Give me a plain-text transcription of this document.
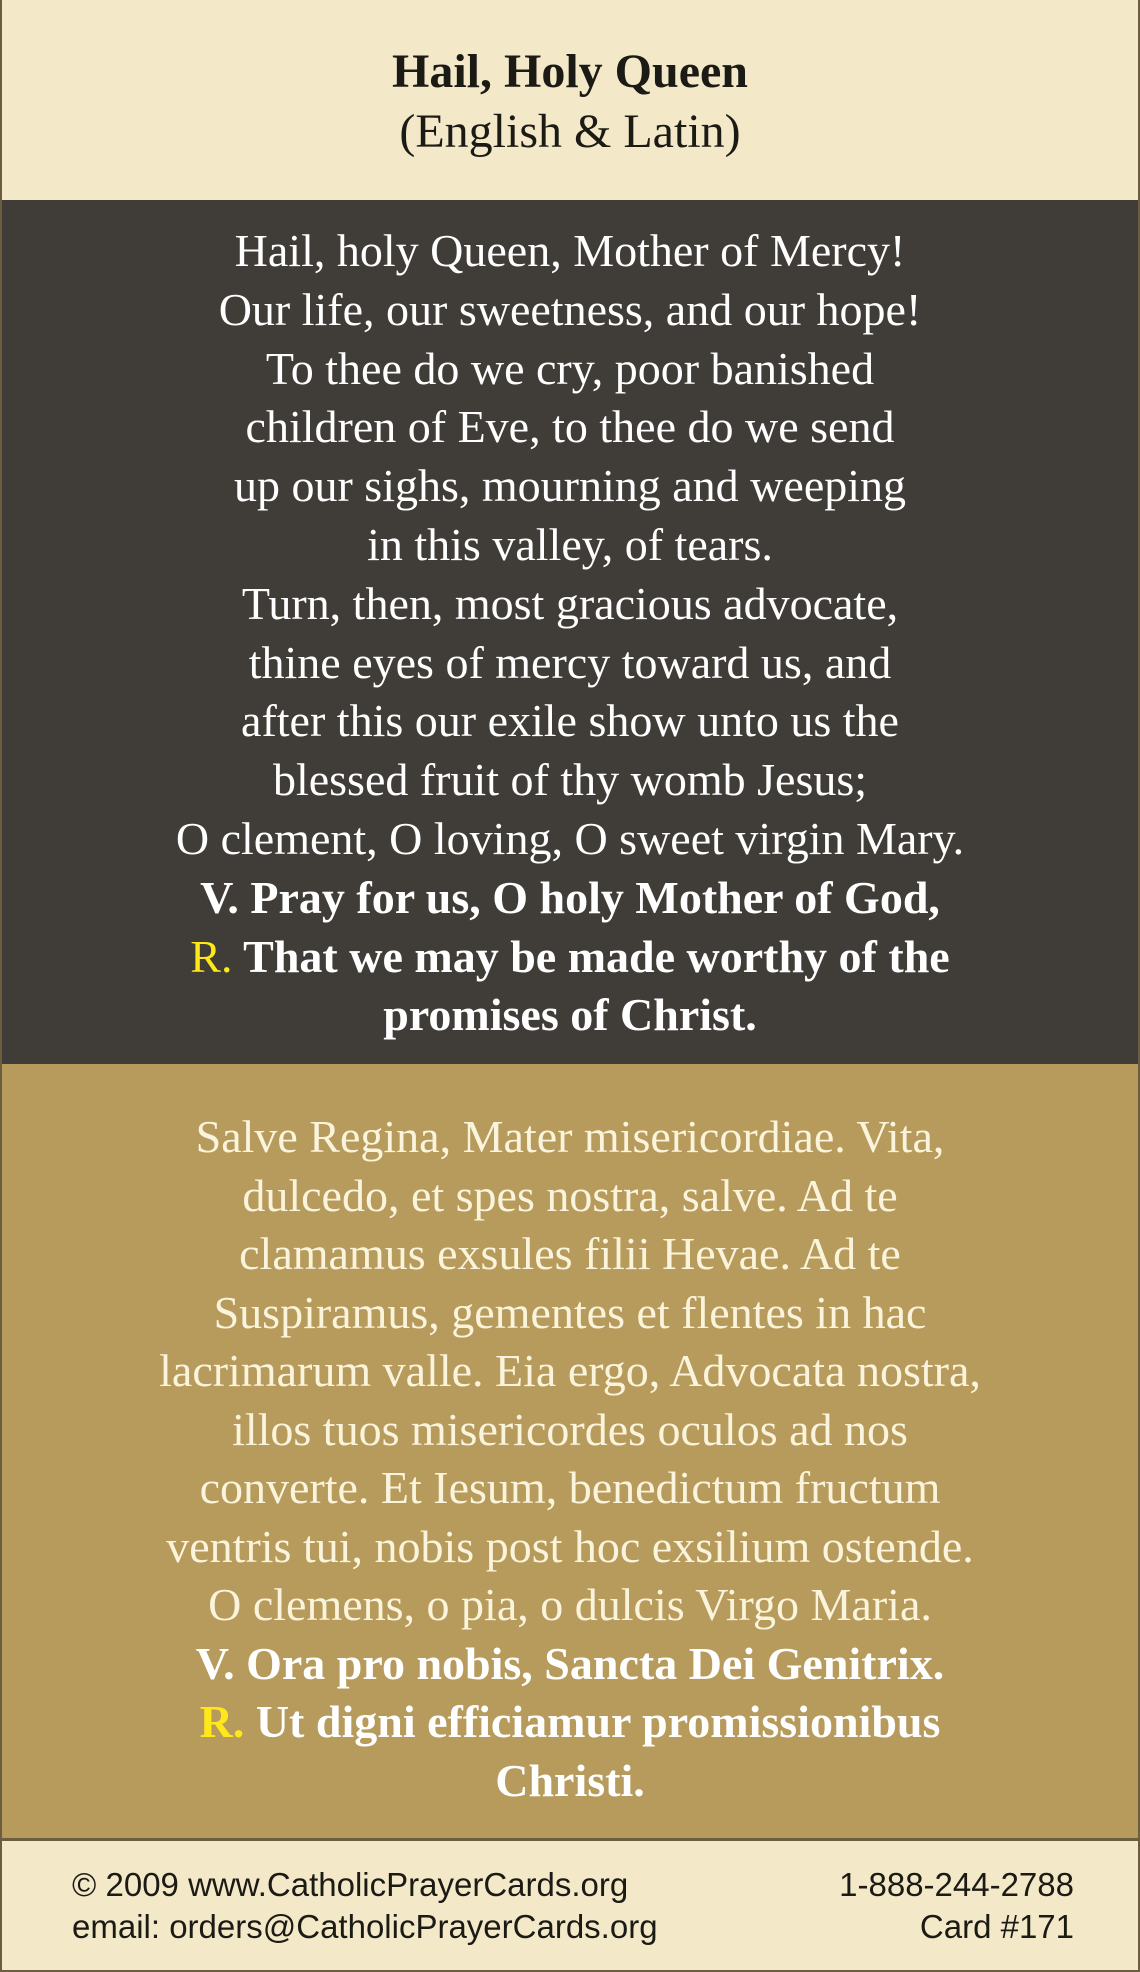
Hail, Holy Queen
(English & Latin)
Hail, holy Queen, Mother of Mercy!
Our life, our sweetness, and our hope!
To thee do we cry, poor banished
children of Eve, to thee do we send
up our sighs, mourning and weeping
in this valley, of tears.
Turn, then, most gracious advocate,
thine eyes of mercy toward us, and
after this our exile show unto us the
blessed fruit of thy womb Jesus;
O clement, O loving, O sweet virgin Mary.
V. Pray for us, O holy Mother of God,
R. That we may be made worthy of the
promises of Christ.
Salve Regina, Mater misericordiae. Vita,
dulcedo, et spes nostra, salve. Ad te
clamamus exsules filii Hevae. Ad te
Suspiramus, gementes et flentes in hac
lacrimarum valle. Eia ergo, Advocata nostra,
illos tuos misericordes oculos ad nos
converte. Et Iesum, benedictum fructum
ventris tui, nobis post hoc exsilium ostende.
O clemens, o pia, o dulcis Virgo Maria.
V. Ora pro nobis, Sancta Dei Genitrix.
R. Ut digni efficiamur promissionibus
Christi.
© 2009 www.CatholicPrayerCards.org
email: orders@CatholicPrayerCards.org
1-888-244-2788
Card #171
